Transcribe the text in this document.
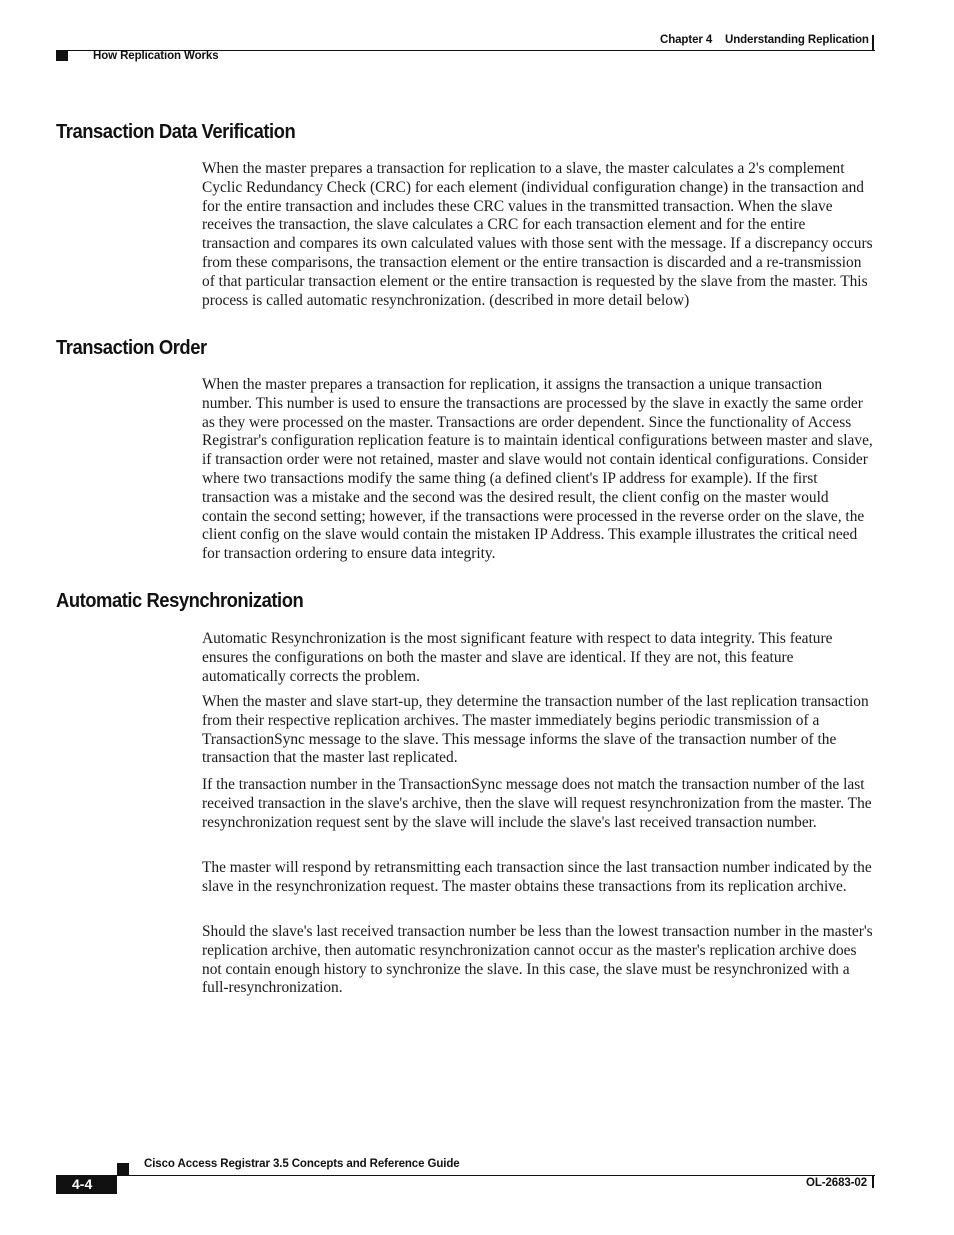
Chapter 4 Understanding Replication
How Replication Works
Transaction Data Verification

When the master prepares a transaction for replication to a slave, the master calculates a 2's complement Cyclic Redundancy Check (CRC) for each element (individual configuration change) in the transaction and for the entire transaction and includes these CRC values in the transmitted transaction. When the slave receives the transaction, the slave calculates a CRC for each transaction element and for the entire transaction and compares its own calculated values with those sent with the message. If a discrepancy occurs from these comparisons, the transaction element or the entire transaction is discarded and a re-transmission of that particular transaction element or the entire transaction is requested by the slave from the master. This process is called automatic resynchronization. (described in more detail below)

Transaction Order

When the master prepares a transaction for replication, it assigns the transaction a unique transaction number. This number is used to ensure the transactions are processed by the slave in exactly the same order as they were processed on the master. Transactions are order dependent. Since the functionality of Access Registrar's configuration replication feature is to maintain identical configurations between master and slave, if transaction order were not retained, master and slave would not contain identical configurations. Consider where two transactions modify the same thing (a defined client's IP address for example). If the first transaction was a mistake and the second was the desired result, the client config on the master would contain the second setting; however, if the transactions were processed in the reverse order on the slave, the client config on the slave would contain the mistaken IP Address. This example illustrates the critical need for transaction ordering to ensure data integrity.

Automatic Resynchronization

Automatic Resynchronization is the most significant feature with respect to data integrity. This feature ensures the configurations on both the master and slave are identical. If they are not, this feature automatically corrects the problem.

When the master and slave start-up, they determine the transaction number of the last replication transaction from their respective replication archives. The master immediately begins periodic transmission of a TransactionSync message to the slave. This message informs the slave of the transaction number of the transaction that the master last replicated.

If the transaction number in the TransactionSync message does not match the transaction number of the last received transaction in the slave's archive, then the slave will request resynchronization from the master. The resynchronization request sent by the slave will include the slave's last received transaction number.

The master will respond by retransmitting each transaction since the last transaction number indicated by the slave in the resynchronization request. The master obtains these transactions from its replication archive.

Should the slave's last received transaction number be less than the lowest transaction number in the master's replication archive, then automatic resynchronization cannot occur as the master's replication archive does not contain enough history to synchronize the slave. In this case, the slave must be resynchronized with a full-resynchronization.

Cisco Access Registrar 3.5 Concepts and Reference Guide
4-4	OL-2683-02
